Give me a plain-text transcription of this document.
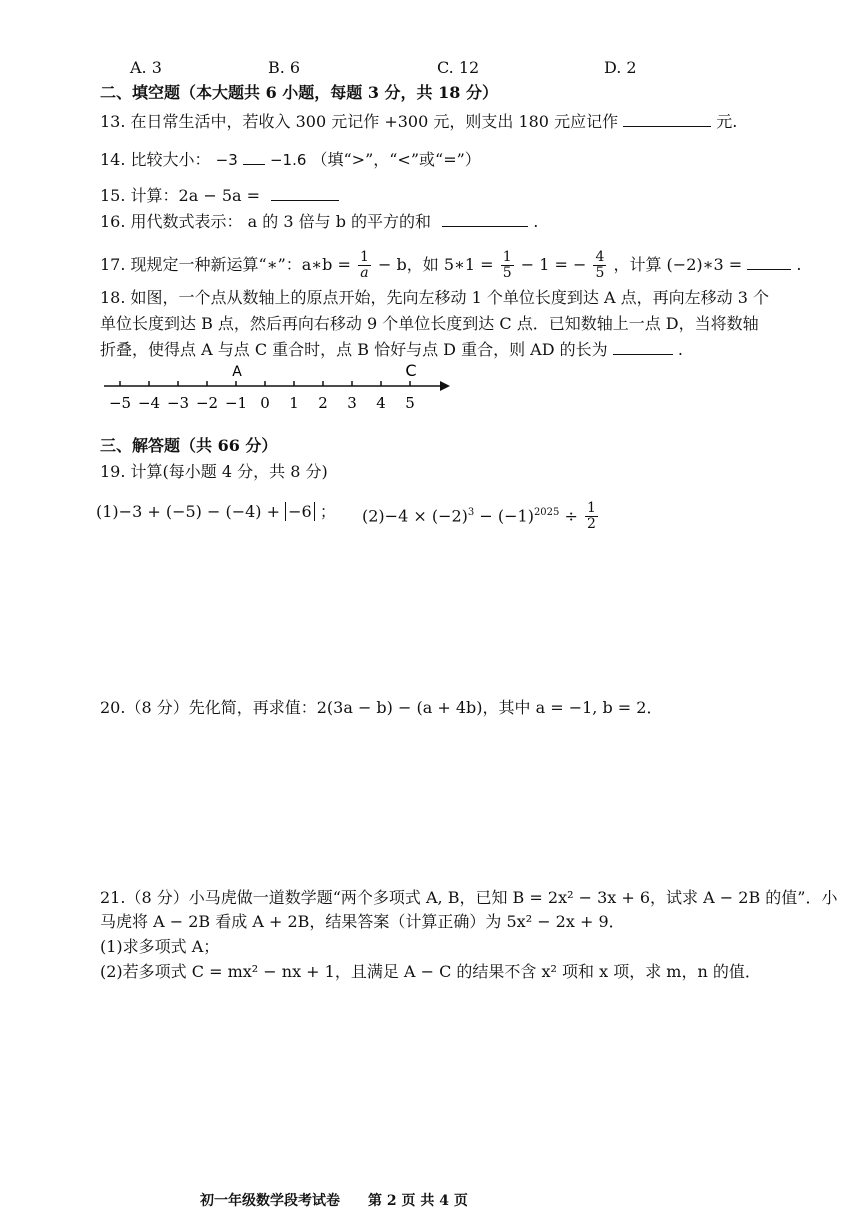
A. 3	B. 6	C. 12	D. 2
二、填空题（本大题共 6 小题，每题 3 分，共 18 分）
13. 在日常生活中，若收入 300 元记作 +300 元，则支出 180 元应记作	元.
14. 比较大小： −3 −1.6 （填“>”，“<”或“=”）
15. 计算：2a − 5a =
16. 用代数式表示： a 的 3 倍与 b 的平方的和	.
17. 现规定一种新运算“∗”：a∗b = $\frac{1}{a} - b$，如 5∗1 = $\frac{1}{5} - 1$ = − $\frac{4}{5}$ ，计算 (−2)∗3 =	.
18. 如图，一个点从数轴上的原点开始，先向左移动 1 个单位长度到达 A 点，再向左移动 3 个
单位长度到达 B 点，然后再向右移动 9 个单位长度到达 C 点．已知数轴上一点 D，当将数轴
折叠，使得点 A 与点 C 重合时，点 B 恰好与点 D 重合，则 AD 的长为	.
−5 −4 −3 −2 −1 0 1 2 3 4 5
A	C
三、解答题（共 66 分）
19. 计算(每小题 4 分，共 8 分)
(1)−3 + (−5) − (−4) + −6 ； $(2)-4 \times (-2)^3 - (-1)^{2025} \div \frac{1}{2}$
20.（8 分）先化简，再求值：2(3a − b) − (a + 4b)，其中 a = −1, b = 2．
21.（8 分）小马虎做一道数学题“两个多项式 A, B，已知 B = 2x² − 3x + 6，试求 A − 2B 的值”．小
马虎将 A − 2B 看成 A + 2B，结果答案（计算正确）为 5x² − 2x + 9．
(1)求多项式 A；
(2)若多项式 C = mx² − nx + 1，且满足 A − C 的结果不含 x² 项和 x 项，求 m，n 的值．
初一年级数学段考试卷　　第 2 页 共 4 页
